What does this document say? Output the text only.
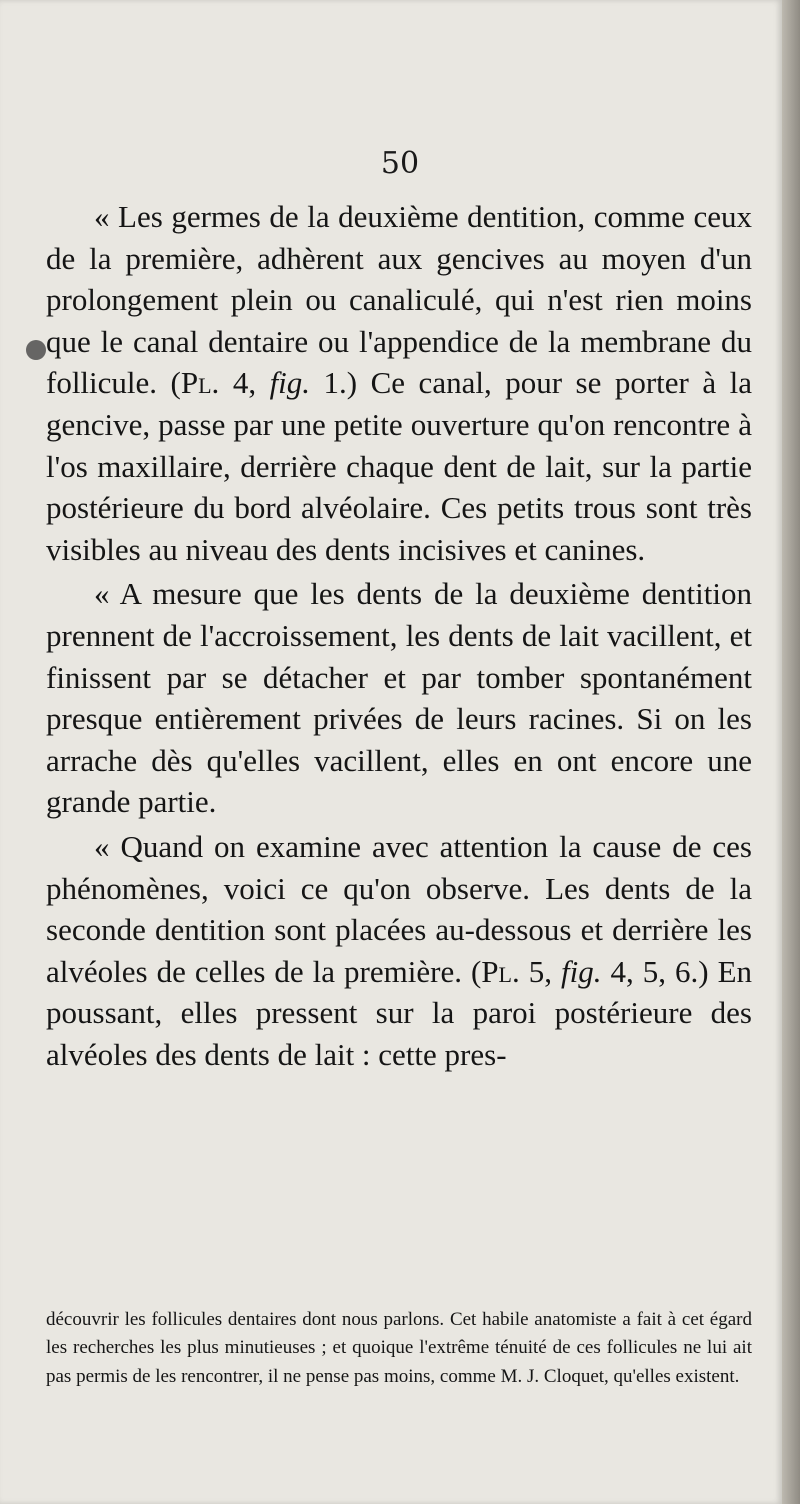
50

« Les germes de la deuxième dentition, comme ceux de la première, adhèrent aux gencives au moyen d'un prolongement plein ou canaliculé, qui n'est rien moins que le canal dentaire ou l'appendice de la membrane du follicule. (Pl. 4, fig. 1.) Ce canal, pour se porter à la gencive, passe par une petite ouverture qu'on rencontre à l'os maxillaire, derrière chaque dent de lait, sur la partie postérieure du bord alvéolaire. Ces petits trous sont très visibles au niveau des dents incisives et canines.

« A mesure que les dents de la deuxième dentition prennent de l'accroissement, les dents de lait vacillent, et finissent par se détacher et par tomber spontanément presque entièrement privées de leurs racines. Si on les arrache dès qu'elles vacillent, elles en ont encore une grande partie.

« Quand on examine avec attention la cause de ces phénomènes, voici ce qu'on observe. Les dents de la seconde dentition sont placées au-dessous et derrière les alvéoles de celles de la première. (Pl. 5, fig. 4, 5, 6.) En poussant, elles pressent sur la paroi postérieure des alvéoles des dents de lait : cette pres-

découvrir les follicules dentaires dont nous parlons. Cet habile anatomiste a fait à cet égard les recherches les plus minutieuses ; et quoique l'extrême ténuité de ces follicules ne lui ait pas permis de les rencontrer, il ne pense pas moins, comme M. J. Cloquet, qu'elles existent.
